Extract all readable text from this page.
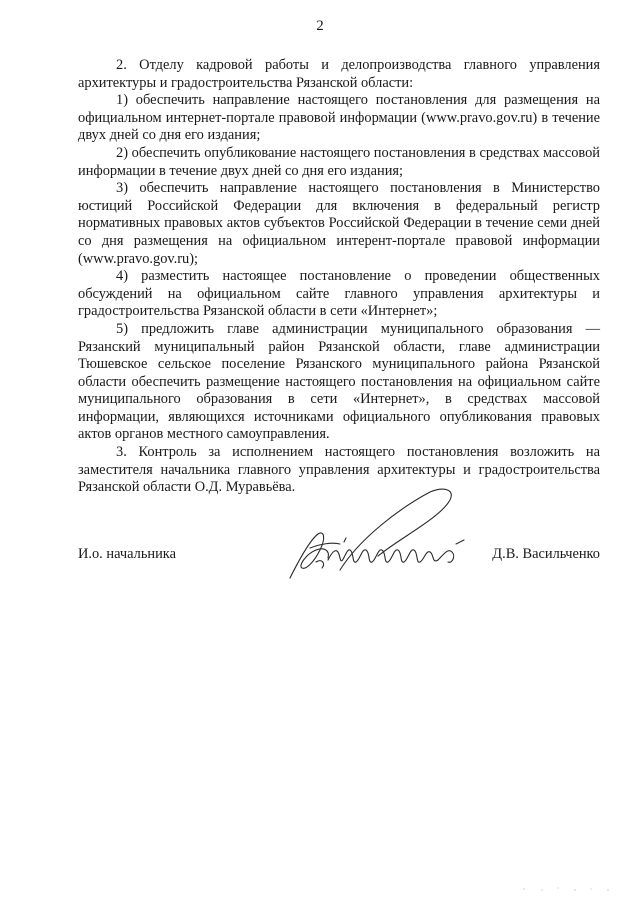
2

2. Отделу кадровой работы и делопроизводства главного управления архитектуры и градостроительства Рязанской области:

1) обеспечить направление настоящего постановления для размещения на официальном интернет-портале правовой информации (www.pravo.gov.ru) в течение двух дней со дня его издания;

2) обеспечить опубликование настоящего постановления в средствах массовой информации в течение двух дней со дня его издания;

3) обеспечить направление настоящего постановления в Министерство юстиций Российской Федерации для включения в федеральный регистр нормативных правовых актов субъектов Российской Федерации в течение семи дней со дня размещения на официальном интерент-портале правовой информации (www.pravo.gov.ru);

4) разместить настоящее постановление о проведении общественных обсуждений на официальном сайте главного управления архитектуры и градостроительства Рязанской области в сети «Интернет»;

5) предложить главе администрации муниципального образования — Рязанский муниципальный район Рязанской области, главе администрации Тюшевское сельское поселение Рязанского муниципального района Рязанской области обеспечить размещение настоящего постановления на официальном сайте муниципального образования в сети «Интернет», в средствах массовой информации, являющихся источниками официального опубликования правовых актов органов местного самоуправления.

3. Контроль за исполнением настоящего постановления возложить на заместителя начальника главного управления архитектуры и градостроительства Рязанской области О.Д. Муравьёва.

И.о. начальника	Д.В. Васильченко
